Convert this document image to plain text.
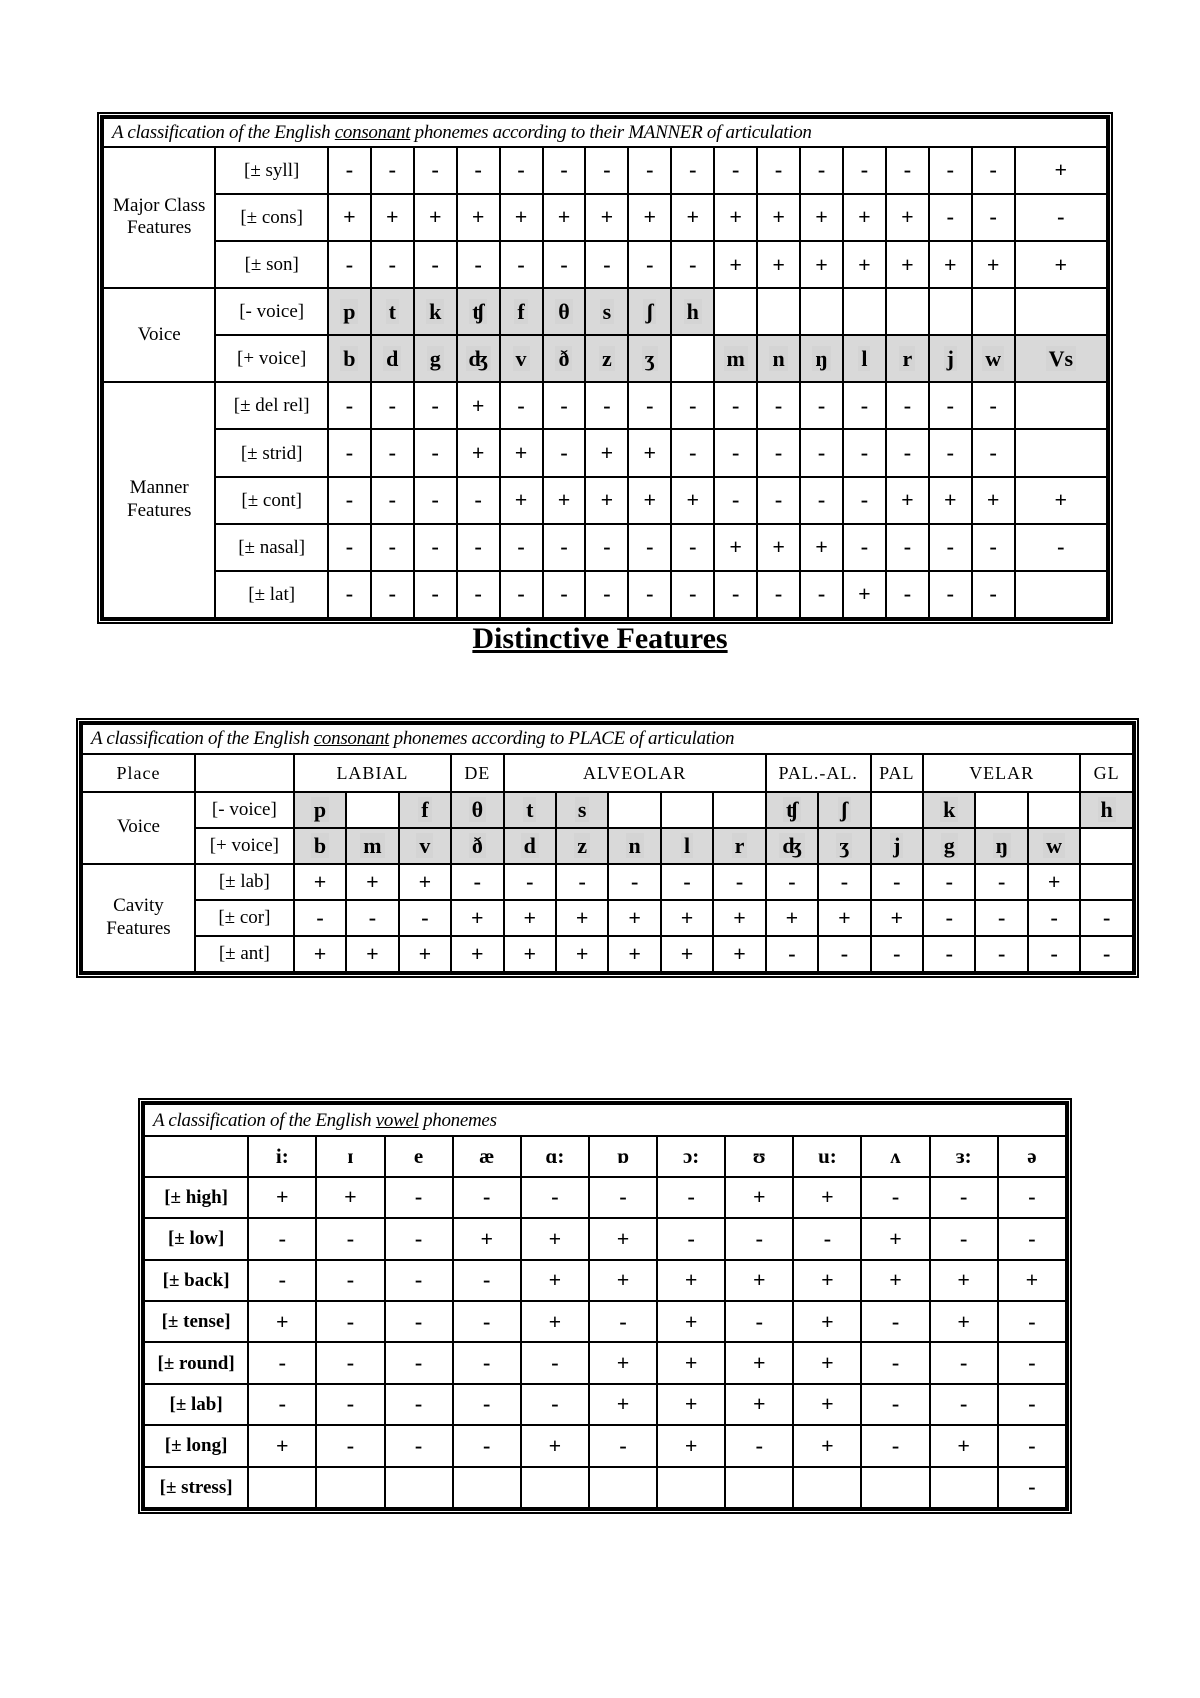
A classification of the English consonant phonemes according to their MANNER of articulation																		
Major Class Features	[± syll]	-	-	-	-	-	-	-	-	-	-	-	-	-	-	-	-	+
	[± cons]	+	+	+	+	+	+	+	+	+	+	+	+	+	+	-	-	-
	[± son]	-	-	-	-	-	-	-	-	-	+	+	+	+	+	+	+	+
Voice	[- voice]	p	t	k	ʧ	f	θ	s	ʃ	h								
	[+ voice]	b	d	g	ʤ	v	ð	z	ʒ		m	n	ŋ	l	r	j	w	Vs
Manner Features	[± del rel]	-	-	-	+	-	-	-	-	-	-	-	-	-	-	-	-	
	[± strid]	-	-	-	+	+	-	+	+	-	-	-	-	-	-	-	-	
	[± cont]	-	-	-	-	+	+	+	+	+	-	-	-	-	+	+	+	+
	[± nasal]	-	-	-	-	-	-	-	-	-	+	+	+	-	-	-	-	-
	[± lat]	-	-	-	-	-	-	-	-	-	-	-	-	+	-	-	-	
Distinctive Features
A classification of the English consonant phonemes according to PLACE of articulation																	
Place		LABIAL			DE	ALVEOLAR					PAL.-AL.		PAL	VELAR			GL
Voice	[- voice]	p		f	θ	t	s				ʧ	ʃ		k			h
	[+ voice]	b	m	v	ð	d	z	n	l	r	ʤ	ʒ	j	g	ŋ	w	
Cavity Features	[± lab]	+	+	+	-	-	-	-	-	-	-	-	-	-	-	+	
	[± cor]	-	-	-	+	+	+	+	+	+	+	+	+	-	-	-	-
	[± ant]	+	+	+	+	+	+	+	+	+	-	-	-	-	-	-	-
A classification of the English vowel phonemes												
	i:	ɪ	e	æ	ɑ:	ɒ	ɔ:	ʊ	u:	ʌ	ɜ:	ə
[± high]	+	+	-	-	-	-	-	+	+	-	-	-
[± low]	-	-	-	+	+	+	-	-	-	+	-	-
[± back]	-	-	-	-	+	+	+	+	+	+	+	+
[± tense]	+	-	-	-	+	-	+	-	+	-	+	-
[± round]	-	-	-	-	-	+	+	+	+	-	-	-
[± lab]	-	-	-	-	-	+	+	+	+	-	-	-
[± long]	+	-	-	-	+	-	+	-	+	-	+	-
[± stress]												-
